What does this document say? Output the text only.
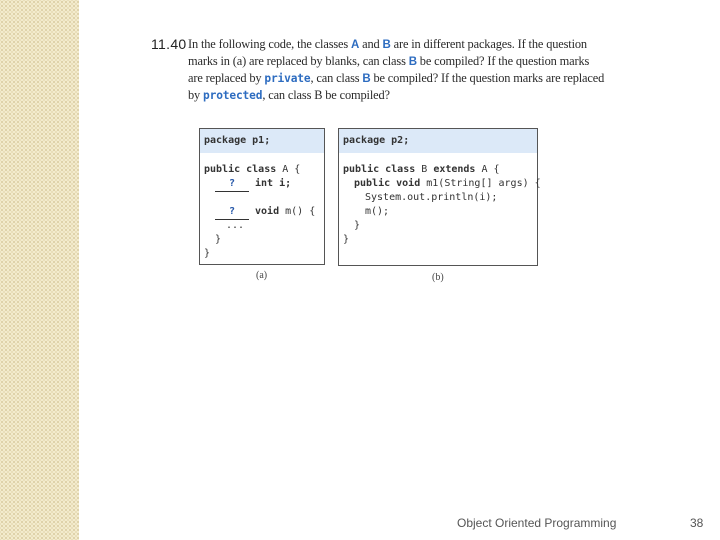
11.40 In the following code, the classes A and B are in different packages. If the question
marks in (a) are replaced by blanks, can class B be compiled? If the question marks
are replaced by private, can class B be compiled? If the question marks are replaced
by protected, can class B be compiled?
package p1;
public class A {
? int i;
? void m() {
...
}
}
(a)
package p2;
public class B extends A {
public void m1(String[] args) {
System.out.println(i);
m();
}
}
(b)
Object Oriented Programming	38
